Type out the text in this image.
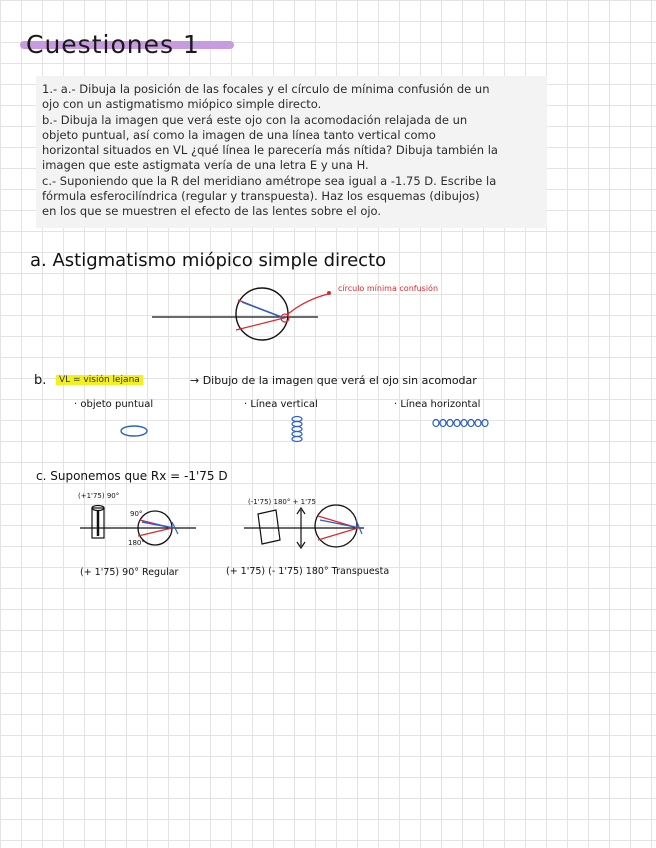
Cuestiones 1

1.- a.- Dibuja la posición de las focales y el círculo de mínima confusión de un

ojo con un astigmatismo miópico simple directo.

b.- Dibuja la imagen que verá este ojo con la acomodación relajada de un

objeto puntual, así como la imagen de una línea tanto vertical como

horizontal situados en VL ¿qué línea le parecería más nítida? Dibuja también la

imagen que este astigmata vería de una letra E y una H.

c.- Suponiendo que la R del meridiano amétrope sea igual a -1.75 D. Escribe la

fórmula esferocilíndrica (regular y transpuesta). Haz los esquemas (dibujos)

en los que se muestren el efecto de las lentes sobre el ojo.

a. Astigmatismo miópico simple directo
círculo mínima confusión
b.	VL = visión lejana	→ Dibujo de la imagen que verá el ojo sin acomodar
· objeto puntual	· Línea vertical	· Línea horizontal
c. Suponemos que Rx = -1'75 D
(+1'75) 90°
90°
180°
(+ 1'75) 90° Regular
(-1'75) 180° + 1'75
(+ 1'75) (- 1'75) 180° Transpuesta
